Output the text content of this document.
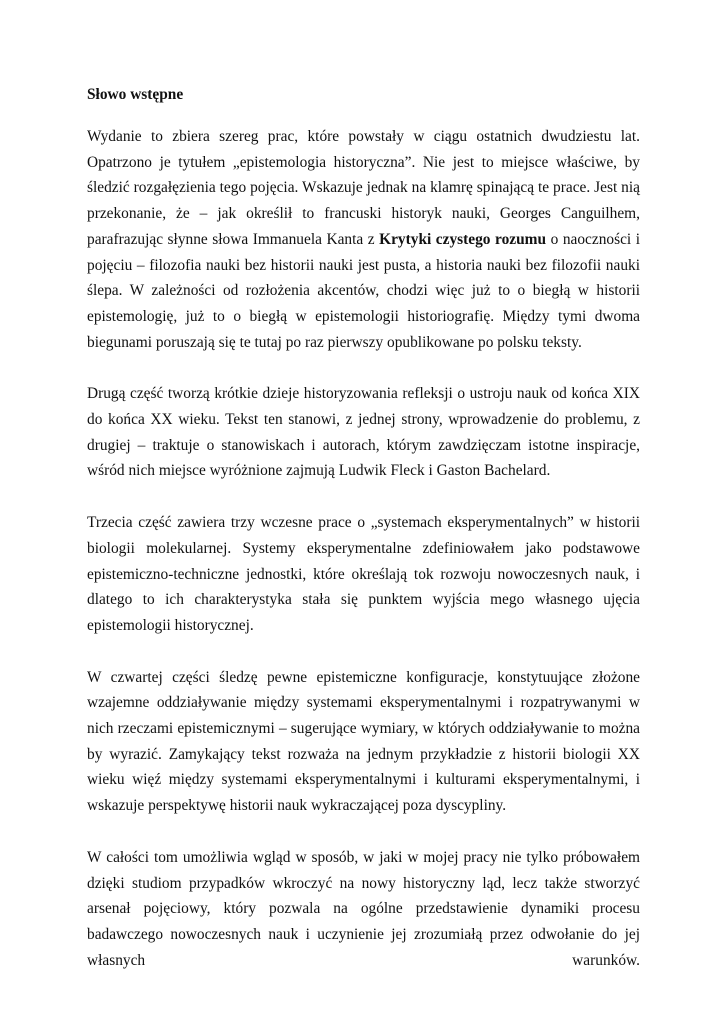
Słowo wstępne

Wydanie to zbiera szereg prac, które powstały w ciągu ostatnich dwudziestu lat. Opatrzono je tytułem „epistemologia historyczna”. Nie jest to miejsce właściwe, by śledzić rozgałęzienia tego pojęcia. Wskazuje jednak na klamrę spinającą te prace. Jest nią przekonanie, że – jak określił to francuski historyk nauki, Georges Canguilhem, parafrazując słynne słowa Immanuela Kanta z Krytyki czystego rozumu o naoczności i pojęciu – filozofia nauki bez historii nauki jest pusta, a historia nauki bez filozofii nauki ślepa. W zależności od rozłożenia akcentów, chodzi więc już to o biegłą w historii epistemologię, już to o biegłą w epistemologii historiografię. Między tymi dwoma biegunami poruszają się te tutaj po raz pierwszy opublikowane po polsku teksty.

Drugą część tworzą krótkie dzieje historyzowania refleksji o ustroju nauk od końca XIX do końca XX wieku. Tekst ten stanowi, z jednej strony, wprowadzenie do problemu, z drugiej – traktuje o stanowiskach i autorach, którym zawdzięczam istotne inspiracje, wśród nich miejsce wyróżnione zajmują Ludwik Fleck i Gaston Bachelard.

Trzecia część zawiera trzy wczesne prace o „systemach eksperymentalnych” w historii biologii molekularnej. Systemy eksperymentalne zdefiniowałem jako podstawowe epistemiczno-techniczne jednostki, które określają tok rozwoju nowoczesnych nauk, i dlatego to ich charakterystyka stała się punktem wyjścia mego własnego ujęcia epistemologii historycznej.

W czwartej części śledzę pewne epistemiczne konfiguracje, konstytuujące złożone wzajemne oddziaływanie między systemami eksperymentalnymi i rozpatrywanymi w nich rzeczami epistemicznymi – sugerujące wymiary, w których oddziaływanie to można by wyrazić. Zamykający tekst rozważa na jednym przykładzie z historii biologii XX wieku więź między systemami eksperymentalnymi i kulturami eksperymentalnymi, i wskazuje perspektywę historii nauk wykraczającej poza dyscypliny.

W całości tom umożliwia wgląd w sposób, w jaki w mojej pracy nie tylko próbowałem dzięki studiom przypadków wkroczyć na nowy historyczny ląd, lecz także stworzyć arsenał pojęciowy, który pozwala na ogólne przedstawienie dynamiki procesu badawczego nowoczesnych nauk i uczynienie jej zrozumiałą przez odwołanie do jej własnych warunków.
